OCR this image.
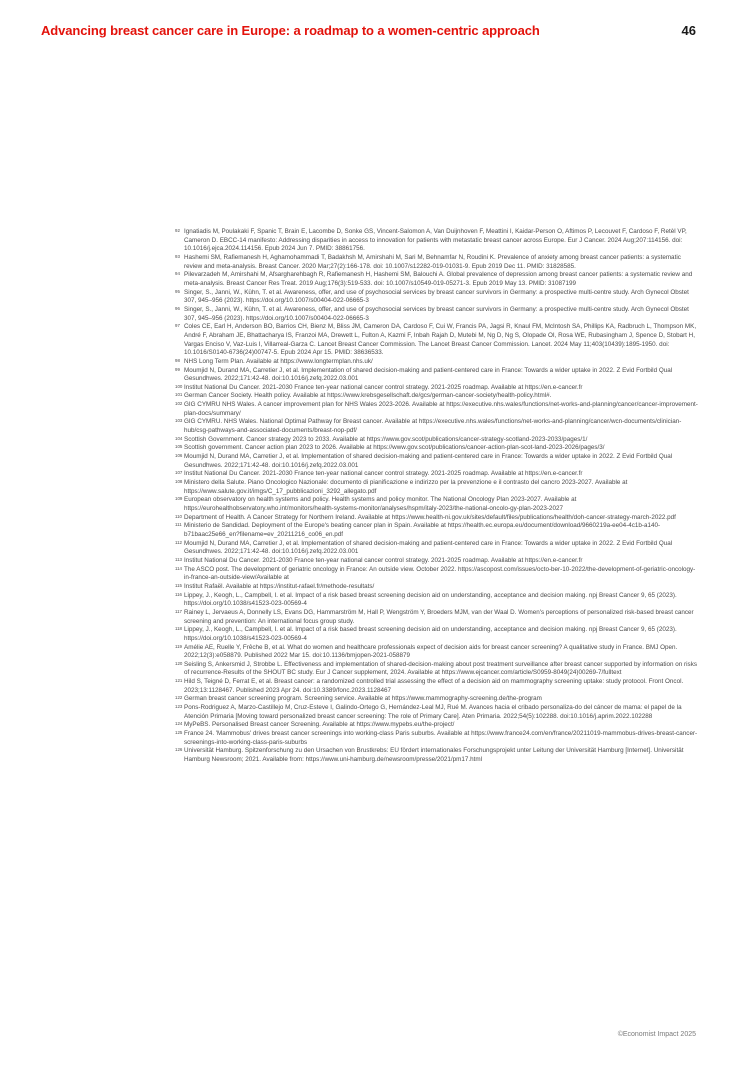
Advancing breast cancer care in Europe: a roadmap to a women-centric approach	46
92 Ignatiadis M, Poulakaki F, Spanic T, Brain E, Lacombe D, Sonke GS, Vincent-Salomon A, Van Duijnhoven F, Meattini I, Kaidar-Person O, Aftimos P, Lecouvet F, Cardoso F, Retèl VP, Cameron D. EBCC-14 manifesto: Addressing disparities in access to innovation for patients with metastatic breast cancer across Europe. Eur J Cancer. 2024 Aug;207:114156. doi: 10.1016/j.ejca.2024.114156. Epub 2024 Jun 7. PMID: 38861756.
93 Hashemi SM, Rafiemanesh H, Aghamohammadi T, Badakhsh M, Amirshahi M, Sari M, Behnamfar N, Roudini K. Prevalence of anxiety among breast cancer patients: a systematic review and meta-analysis. Breast Cancer. 2020 Mar;27(2):166-178. doi: 10.1007/s12282-019-01031-9. Epub 2019 Dec 11. PMID: 31828585.
94 Pilevarzadeh M, Amirshahi M, Afsargharehbagh R, Rafiemanesh H, Hashemi SM, Balouchi A. Global prevalence of depression among breast cancer patients: a systematic review and meta-analysis. Breast Cancer Res Treat. 2019 Aug;176(3):519-533. doi: 10.1007/s10549-019-05271-3. Epub 2019 May 13. PMID: 31087199
95 Singer, S., Janni, W., Kühn, T. et al. Awareness, offer, and use of psychosocial services by breast cancer survivors in Germany: a prospective multi-centre study. Arch Gynecol Obstet 307, 945–956 (2023). https://doi.org/10.1007/s00404-022-06665-3
96 Singer, S., Janni, W., Kühn, T. et al. Awareness, offer, and use of psychosocial services by breast cancer survivors in Germany: a prospective multi-centre study. Arch Gynecol Obstet 307, 945–956 (2023). https://doi.org/10.1007/s00404-022-06665-3
97 Coles CE, Earl H, Anderson BO, Barrios CH, Bienz M, Bliss JM, Cameron DA, Cardoso F, Cui W, Francis PA, Jagsi R, Knaul FM, McIntosh SA, Phillips KA, Radbruch L, Thompson MK, André F, Abraham JE, Bhattacharya IS, Franzoi MA, Drewett L, Fulton A, Kazmi F, Inbah Rajah D, Mutebi M, Ng D, Ng S, Olopade OI, Rosa WE, Rubasingham J, Spence D, Stobart H, Vargas Enciso V, Vaz-Luis I, Villarreal-Garza C. Lancet Breast Cancer Commission. The Lancet Breast Cancer Commission. Lancet. 2024 May 11;403(10439):1895-1950. doi: 10.1016/S0140-6736(24)00747-5. Epub 2024 Apr 15. PMID: 38636533.
98 NHS Long Term Plan. Available at https://www.longtermplan.nhs.uk/
99 Moumjid N, Durand MA, Carretier J, et al. Implementation of shared decision-making and patient-centered care in France: Towards a wider uptake in 2022. Z Evid Fortbild Qual Gesundhwes. 2022;171:42-48. doi:10.1016/j.zefq.2022.03.001
100 Institut National Du Cancer. 2021-2030 France ten-year national cancer control strategy. 2021-2025 roadmap. Available at https://en.e-cancer.fr
101 German Cancer Society. Health policy. Available at https://www.krebsgesellschaft.de/gcs/german-cancer-society/health-policy.html#.
102 GIG CYMRU NHS Wales. A cancer improvement plan for NHS Wales 2023-2026. Available at https://executive.nhs.wales/functions/net-works-and-planning/cancer/cancer-improvement-plan-docs/summary/
103 GIG CYMRU. NHS Wales. National Optimal Pathway for Breast cancer. Available at https://executive.nhs.wales/functions/net-works-and-planning/cancer/wcn-documents/clinician-hub/csg-pathways-and-associated-documents/breast-nop-pdf/
104 Scottish Government. Cancer strategy 2023 to 2033. Available at https://www.gov.scot/publications/cancer-strategy-scotland-2023-2033/pages/1/
105 Scottish government. Cancer action plan 2023 to 2026. Available at https://www.gov.scot/publications/cancer-action-plan-scot-land-2023-2026/pages/3/
106 Moumjid N, Durand MA, Carretier J, et al. Implementation of shared decision-making and patient-centered care in France: Towards a wider uptake in 2022. Z Evid Fortbild Qual Gesundhwes. 2022;171:42-48. doi:10.1016/j.zefq.2022.03.001
107 Institut National Du Cancer. 2021-2030 France ten-year national cancer control strategy. 2021-2025 roadmap. Available at https://en.e-cancer.fr
108 Ministero della Salute. Piano Oncologico Nazionale: documento di pianificazione e indirizzo per la prevenzione e il contrasto del cancro 2023-2027. Available at https://www.salute.gov.it/imgs/C_17_pubblicazioni_3292_allegato.pdf
109 European observatory on health systems and policy. Health systems and policy monitor. The National Oncology Plan 2023-2027. Available at https://eurohealthobservatory.who.int/monitors/health-systems-monitor/analyses/hspm/italy-2023/the-national-oncolo-gy-plan-2023-2027
110 Department of Health. A Cancer Strategy for Northern Ireland. Available at https://www.health-ni.gov.uk/sites/default/files/publications/health/doh-cancer-strategy-march-2022.pdf
111 Ministerio de Sandidad. Deployment of the Europe's beating cancer plan in Spain. Available at https://health.ec.europa.eu/document/download/9660219a-ee04-4c1b-a140-b71baac25e66_en?filename=ev_20211216_co06_en.pdf
112 Moumjid N, Durand MA, Carretier J, et al. Implementation of shared decision-making and patient-centered care in France: Towards a wider uptake in 2022. Z Evid Fortbild Qual Gesundhwes. 2022;171:42-48. doi:10.1016/j.zefq.2022.03.001
113 Institut National Du Cancer. 2021-2030 France ten-year national cancer control strategy. 2021-2025 roadmap. Available at https://en.e-cancer.fr
114 The ASCO post. The development of geriatric oncology in France: An outside view. October 2022. https://ascopost.com/issues/octo-ber-10-2022/the-development-of-geriatric-oncology-in-france-an-outside-view/Available at
115 Institut Rafaël. Available at https://institut-rafael.fr/methode-resultats/
116 Lippey, J., Keogh, L., Campbell, I. et al. Impact of a risk based breast screening decision aid on understanding, acceptance and decision making. npj Breast Cancer 9, 65 (2023). https://doi.org/10.1038/s41523-023-00569-4
117 Rainey L, Jervaeus A, Donnelly LS, Evans DG, Hammarström M, Hall P, Wengström Y, Broeders MJM, van der Waal D. Women's perceptions of personalized risk-based breast cancer screening and prevention: An international focus group study.
118 Lippey, J., Keogh, L., Campbell, I. et al. Impact of a risk based breast screening decision aid on understanding, acceptance and decision making. npj Breast Cancer 9, 65 (2023). https://doi.org/10.1038/s41523-023-00569-4
119 Amélie AE, Ruelle Y, Frêche B, et al. What do women and healthcare professionals expect of decision aids for breast cancer screening? A qualitative study in France. BMJ Open. 2022;12(3):e058879. Published 2022 Mar 15. doi:10.1136/bmjopen-2021-058879
120 Seisling S, Ankersmid J, Strobbe L. Effectiveness and implementation of shared-decision-making about post treatment surveillance after breast cancer supported by information on risks of recurrence-Results of the SHOUT BC study. Eur J Cancer supplement, 2024. Available at https://www.ejcancer.com/article/S0959-8049(24)00269-7/fulltext
121 Hild S, Teigné D, Ferrat E, et al. Breast cancer: a randomized controlled trial assessing the effect of a decision aid on mammography screening uptake: study protocol. Front Oncol. 2023;13:1128467. Published 2023 Apr 24. doi:10.3389/fonc.2023.1128467
122 German breast cancer screening program. Screening service. Available at https://www.mammography-screening.de/the-program
123 Pons-Rodriguez A, Marzo-Castillejo M, Cruz-Esteve I, Galindo-Ortego G, Hernández-Leal MJ, Rué M. Avances hacia el cribado personaliza-do del cáncer de mama: el papel de la Atención Primaria [Moving toward personalized breast cancer screening: The role of Primary Care]. Aten Primaria. 2022;54(5):102288. doi:10.1016/j.aprim.2022.102288
124 MyPeBS. Personalised Breast cancer Screening. Available at https://www.mypebs.eu/the-project/
125 France 24. 'Mammobus' drives breast cancer screenings into working-class Paris suburbs. Available at https://www.france24.com/en/france/20211019-mammobus-drives-breast-cancer-screenings-into-working-class-paris-suburbs
126 Universität Hamburg. Spitzenforschung zu den Ursachen von Brustkrebs: EU fördert internationales Forschungsprojekt unter Leitung der Universität Hamburg [Internet]. Universität Hamburg Newsroom; 2021. Available from: https://www.uni-hamburg.de/newsroom/presse/2021/pm17.html
©Economist Impact 2025
